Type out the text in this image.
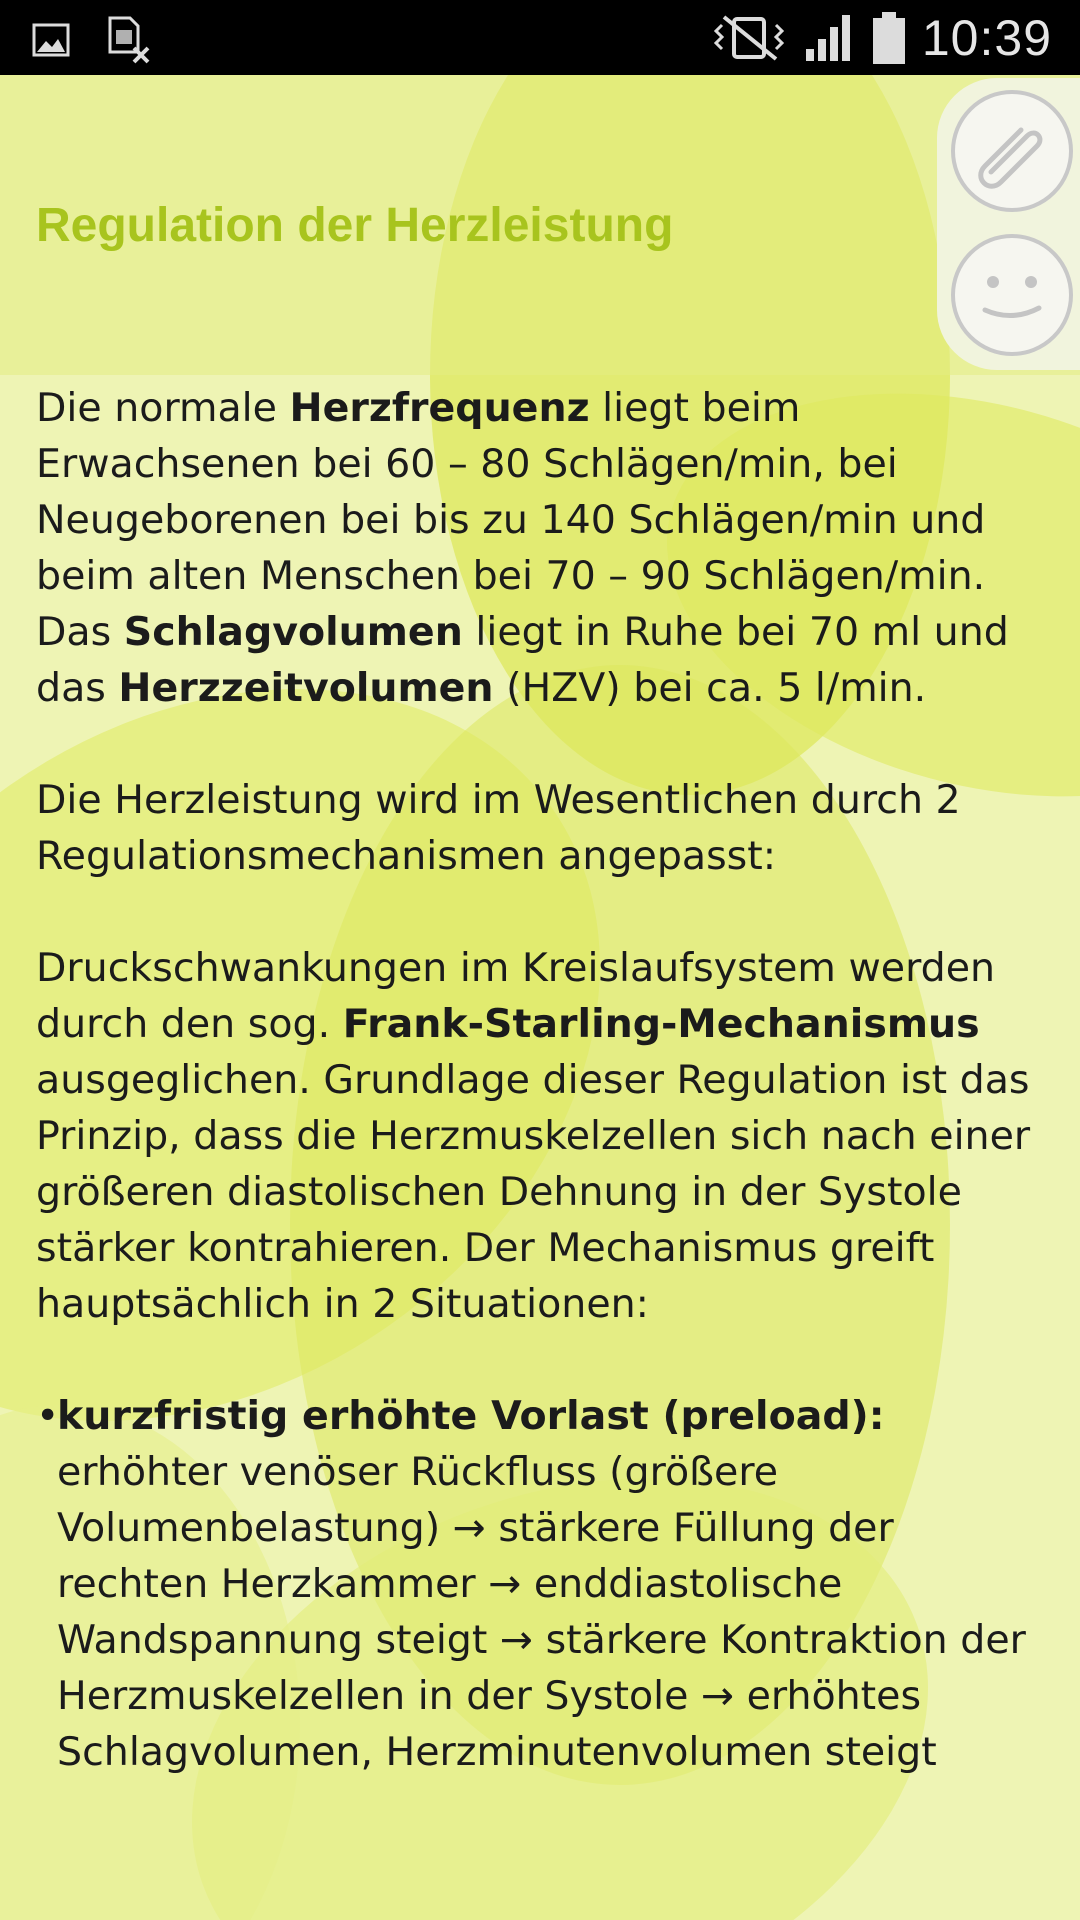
Regulation der Herzleistung
10:39

Die normale Herzfrequenz liegt beim Erwachsenen bei 60 – 80 Schlägen/min, bei Neugeborenen bei bis zu 140 Schlägen/min und beim alten Menschen bei 70 – 90 Schlägen/min. Das Schlagvolumen liegt in Ruhe bei 70 ml und das Herzzeitvolumen (HZV) bei ca. 5 l/min.

Die Herzleistung wird im Wesentlichen durch 2 Regulationsmechanismen angepasst:

Druckschwankungen im Kreislaufsystem werden durch den sog. Frank-Starling-Mechanismus ausgeglichen. Grundlage dieser Regulation ist das Prinzip, dass die Herzmuskelzellen sich nach einer größeren diastolischen Dehnung in der Systole stärker kontrahieren. Der Mechanismus greift hauptsächlich in 2 Situationen:

•

kurzfristig erhöhte Vorlast (preload): erhöhter venöser Rückfluss (größere Volumenbelastung) → stärkere Füllung der rechten Herzkammer → enddiastolische Wandspannung steigt → stärkere Kontraktion der Herzmuskelzellen in der Systole → erhöhtes Schlagvolumen, Herzminutenvolumen steigt
